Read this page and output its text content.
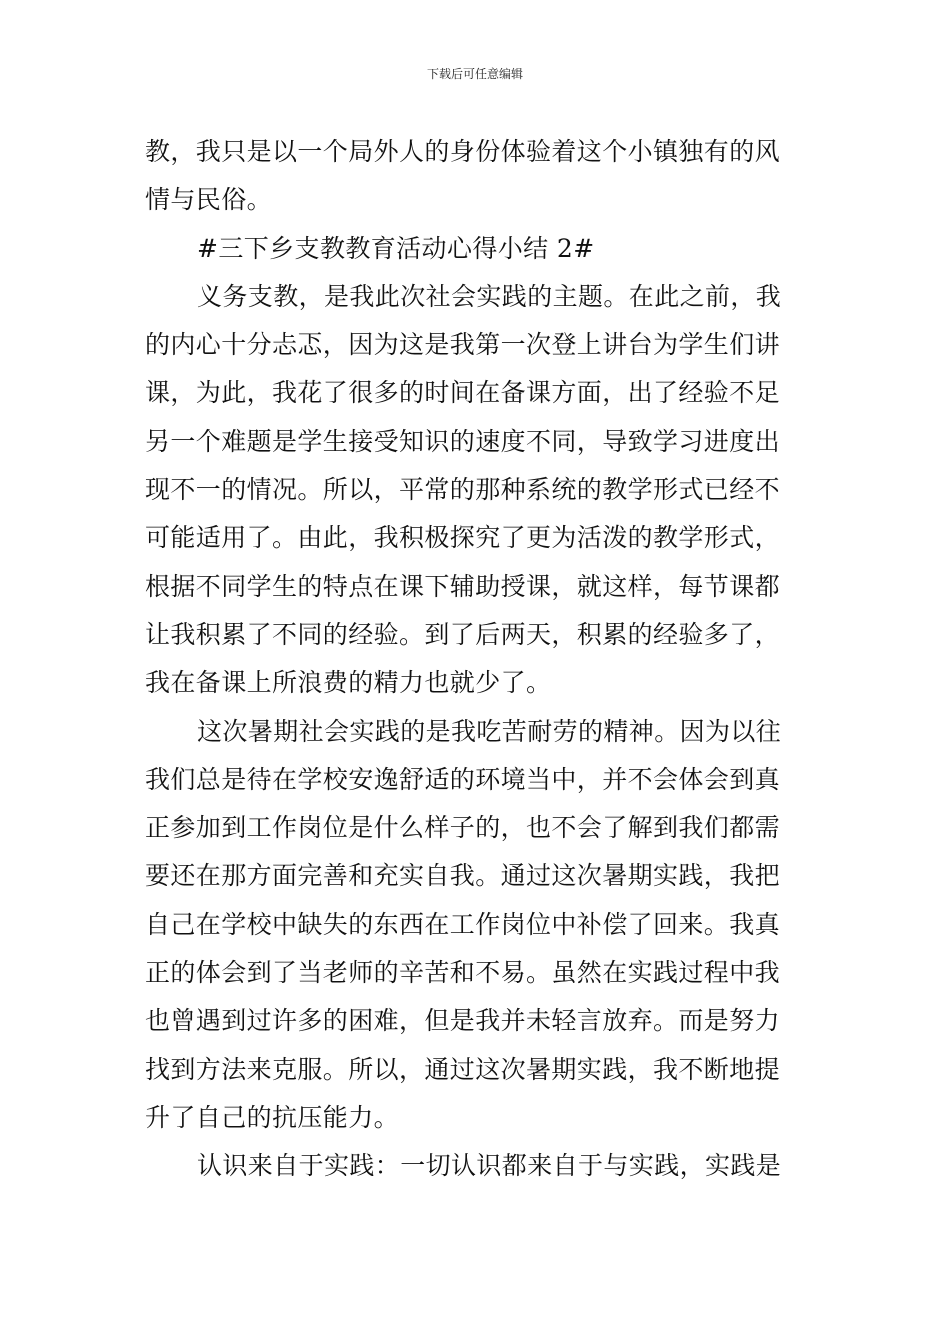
下载后可任意编辑
教，我只是以一个局外人的身份体验着这个小镇独有的风
情与民俗。
#三下乡支教教育活动心得小结 2#
义务支教，是我此次社会实践的主题。在此之前，我
的内心十分忐忑，因为这是我第一次登上讲台为学生们讲
课，为此，我花了很多的时间在备课方面，出了经验不足
另一个难题是学生接受知识的速度不同，导致学习进度出
现不一的情况。所以，平常的那种系统的教学形式已经不
可能适用了。由此，我积极探究了更为活泼的教学形式，
根据不同学生的特点在课下辅助授课，就这样，每节课都
让我积累了不同的经验。到了后两天，积累的经验多了，
我在备课上所浪费的精力也就少了。
这次暑期社会实践的是我吃苦耐劳的精神。因为以往
我们总是待在学校安逸舒适的环境当中，并不会体会到真
正参加到工作岗位是什么样子的，也不会了解到我们都需
要还在那方面完善和充实自我。通过这次暑期实践，我把
自己在学校中缺失的东西在工作岗位中补偿了回来。我真
正的体会到了当老师的辛苦和不易。虽然在实践过程中我
也曾遇到过许多的困难，但是我并未轻言放弃。而是努力
找到方法来克服。所以，通过这次暑期实践，我不断地提
升了自己的抗压能力。
认识来自于实践：一切认识都来自于与实践，实践是
